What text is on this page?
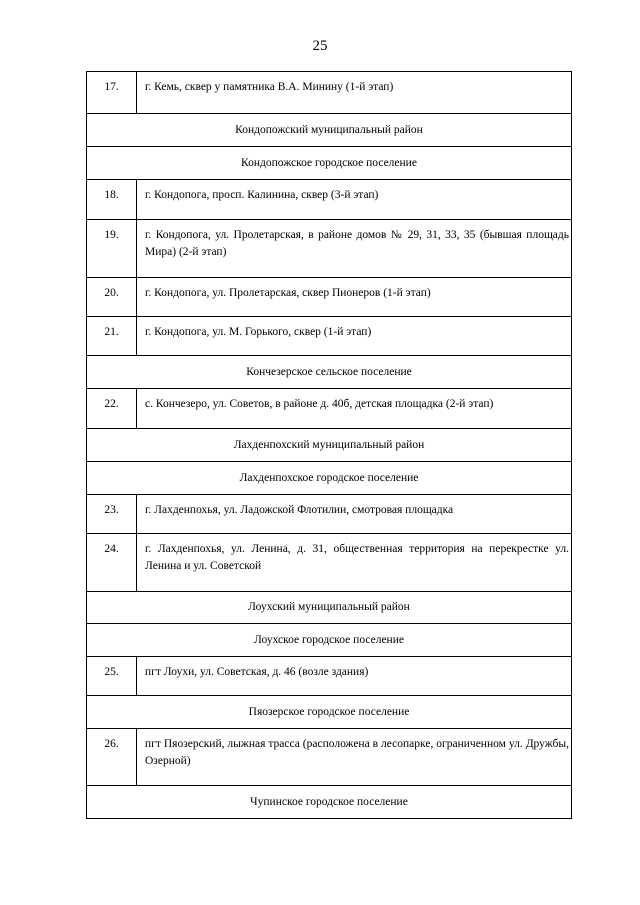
25
17.	г. Кемь, сквер у памятника В.А. Минину (1-й этап)
Кондопожский муниципальный район	
Кондопожское городское поселение	
18.	г. Кондопога, просп. Калинина, сквер (3-й этап)
19.	г. Кондопога, ул. Пролетарская, в районе домов № 29, 31, 33, 35 (бывшая площадь Мира) (2-й этап)
20.	г. Кондопога, ул. Пролетарская, сквер Пионеров (1-й этап)
21.	г. Кондопога, ул. М. Горького, сквер (1-й этап)
Кончезерское сельское поселение	
22.	с. Кончезеро, ул. Советов, в районе д. 40б, детская площадка (2-й этап)
Лахденпохский муниципальный район	
Лахденпохское городское поселение	
23.	г. Лахденпохья, ул. Ладожской Флотилии, смотровая площадка
24.	г. Лахденпохья, ул. Ленина, д. 31, общественная территория на перекрестке ул. Ленина и ул. Советской
Лоухский муниципальный район	
Лоухское городское поселение	
25.	пгт Лоухи, ул. Советская, д. 46 (возле здания)
Пяозерское городское поселение	
26.	пгт Пяозерский, лыжная трасса (расположена в лесопарке, ограниченном ул. Дружбы, Озерной)
Чупинское городское поселение	
